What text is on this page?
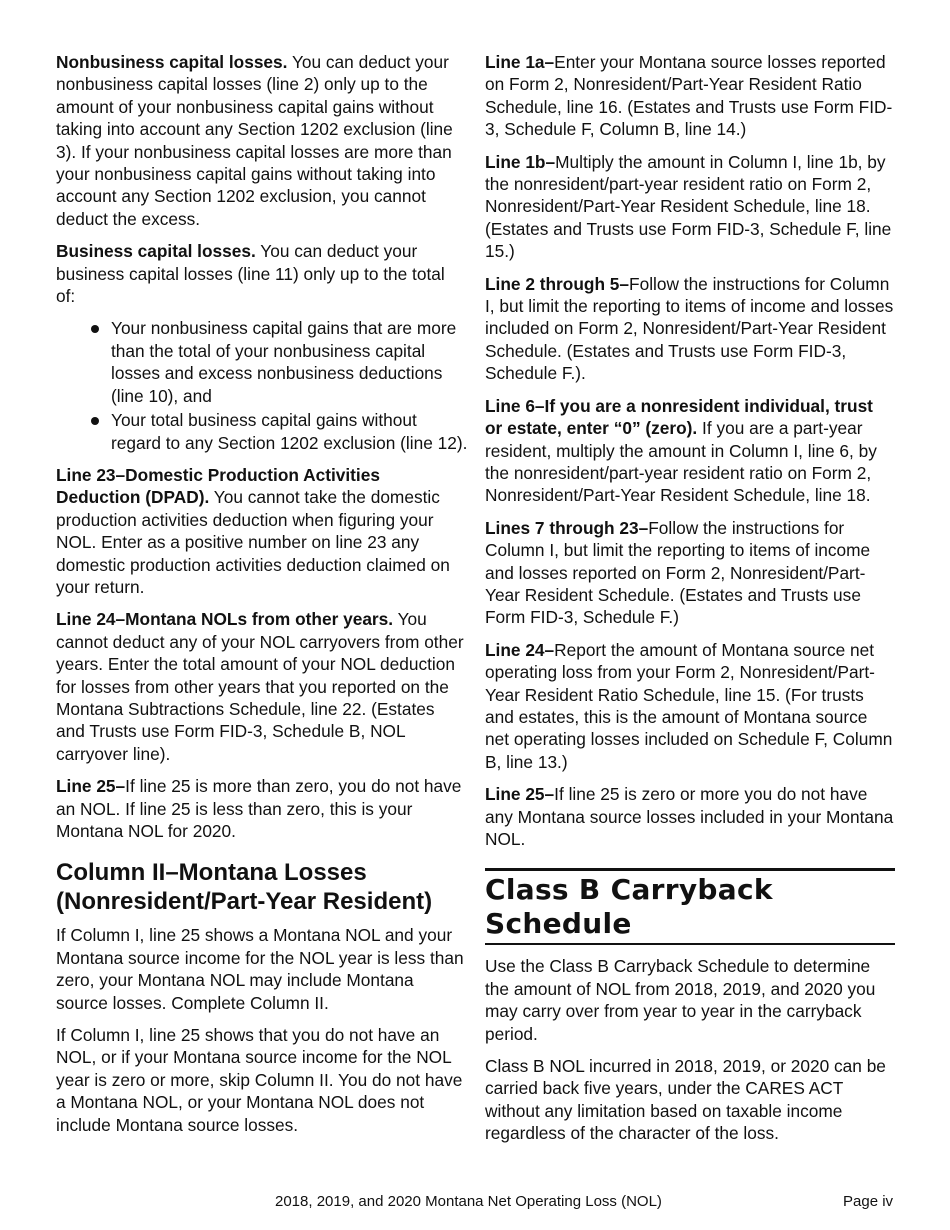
Nonbusiness capital losses. You can deduct your nonbusiness capital losses (line 2) only up to the amount of your nonbusiness capital gains without taking into account any Section 1202 exclusion (line 3). If your nonbusiness capital losses are more than your nonbusiness capital gains without taking into account any Section 1202 exclusion, you cannot deduct the excess.

Business capital losses. You can deduct your business capital losses (line 11) only up to the total of:

Your nonbusiness capital gains that are more than the total of your nonbusiness capital losses and excess nonbusiness deductions (line 10), and
Your total business capital gains without regard to any Section 1202 exclusion (line 12).

Line 23–Domestic Production Activities Deduction (DPAD). You cannot take the domestic production activities deduction when figuring your NOL. Enter as a positive number on line 23 any domestic production activities deduction claimed on your return.

Line 24–Montana NOLs from other years. You cannot deduct any of your NOL carryovers from other years. Enter the total amount of your NOL deduction for losses from other years that you reported on the Montana Subtractions Schedule, line 22. (Estates and Trusts use Form FID-3, Schedule B, NOL carryover line).

Line 25–If line 25 is more than zero, you do not have an NOL. If line 25 is less than zero, this is your Montana NOL for 2020.

Column II–Montana Losses (Nonresident/Part-Year Resident)

If Column I, line 25 shows a Montana NOL and your Montana source income for the NOL year is less than zero, your Montana NOL may include Montana source losses. Complete Column II.

If Column I, line 25 shows that you do not have an NOL, or if your Montana source income for the NOL year is zero or more, skip Column II. You do not have a Montana NOL, or your Montana NOL does not include Montana source losses.

Line 1a–Enter your Montana source losses reported on Form 2, Nonresident/Part-Year Resident Ratio Schedule, line 16. (Estates and Trusts use Form FID-3, Schedule F, Column B, line 14.)

Line 1b–Multiply the amount in Column I, line 1b, by the nonresident/part-year resident ratio on Form 2, Nonresident/Part-Year Resident Schedule, line 18. (Estates and Trusts use Form FID-3, Schedule F, line 15.)

Line 2 through 5–Follow the instructions for Column I, but limit the reporting to items of income and losses included on Form 2, Nonresident/Part-Year Resident Schedule. (Estates and Trusts use Form FID-3, Schedule F.).

Line 6–If you are a nonresident individual, trust or estate, enter “0” (zero). If you are a part-year resident, multiply the amount in Column I, line 6, by the nonresident/part-year resident ratio on Form 2, Nonresident/Part-Year Resident Schedule, line 18.

Lines 7 through 23–Follow the instructions for Column I, but limit the reporting to items of income and losses reported on Form 2, Nonresident/Part-Year Resident Schedule. (Estates and Trusts use Form FID-3, Schedule F.)

Line 24–Report the amount of Montana source net operating loss from your Form 2, Nonresident/Part-Year Resident Ratio Schedule, line 15. (For trusts and estates, this is the amount of Montana source net operating losses included on Schedule F, Column B, line 13.)

Line 25–If line 25 is zero or more you do not have any Montana source losses included in your Montana NOL.

Class B Carryback Schedule

Use the Class B Carryback Schedule to determine the amount of NOL from 2018, 2019, and 2020 you may carry over from year to year in the carryback period.

Class B NOL incurred in 2018, 2019, or 2020 can be carried back five years, under the CARES ACT without any limitation based on taxable income regardless of the character of the loss.

2018, 2019, and 2020 Montana Net Operating Loss (NOL)	Page iv
